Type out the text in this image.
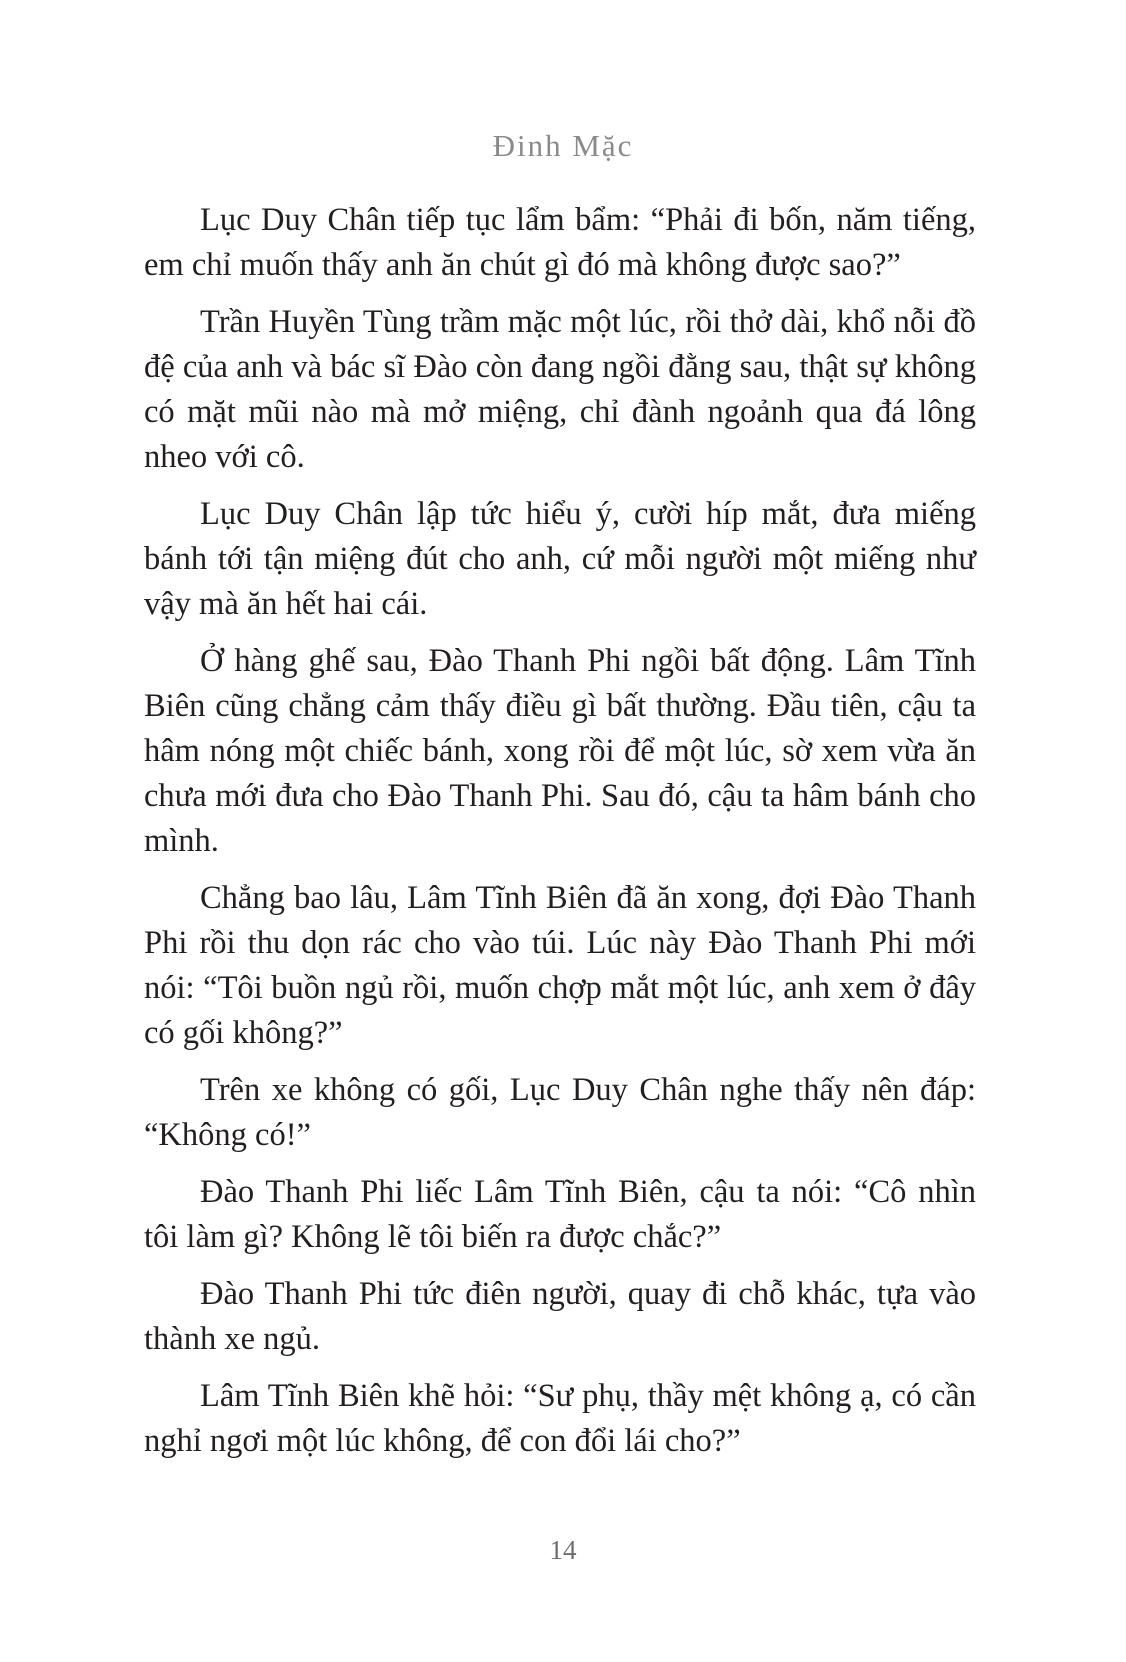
Đinh Mặc

Lục Duy Chân tiếp tục lẩm bẩm: “Phải đi bốn, năm tiếng, em chỉ muốn thấy anh ăn chút gì đó mà không được sao?”

Trần Huyền Tùng trầm mặc một lúc, rồi thở dài, khổ nỗi đồ đệ của anh và bác sĩ Đào còn đang ngồi đằng sau, thật sự không có mặt mũi nào mà mở miệng, chỉ đành ngoảnh qua đá lông nheo với cô.

Lục Duy Chân lập tức hiểu ý, cười híp mắt, đưa miếng bánh tới tận miệng đút cho anh, cứ mỗi người một miếng như vậy mà ăn hết hai cái.

Ở hàng ghế sau, Đào Thanh Phi ngồi bất động. Lâm Tĩnh Biên cũng chẳng cảm thấy điều gì bất thường. Đầu tiên, cậu ta hâm nóng một chiếc bánh, xong rồi để một lúc, sờ xem vừa ăn chưa mới đưa cho Đào Thanh Phi. Sau đó, cậu ta hâm bánh cho mình.

Chẳng bao lâu, Lâm Tĩnh Biên đã ăn xong, đợi Đào Thanh Phi rồi thu dọn rác cho vào túi. Lúc này Đào Thanh Phi mới nói: “Tôi buồn ngủ rồi, muốn chợp mắt một lúc, anh xem ở đây có gối không?”

Trên xe không có gối, Lục Duy Chân nghe thấy nên đáp: “Không có!”

Đào Thanh Phi liếc Lâm Tĩnh Biên, cậu ta nói: “Cô nhìn tôi làm gì? Không lẽ tôi biến ra được chắc?”

Đào Thanh Phi tức điên người, quay đi chỗ khác, tựa vào thành xe ngủ.

Lâm Tĩnh Biên khẽ hỏi: “Sư phụ, thầy mệt không ạ, có cần nghỉ ngơi một lúc không, để con đổi lái cho?”

14
